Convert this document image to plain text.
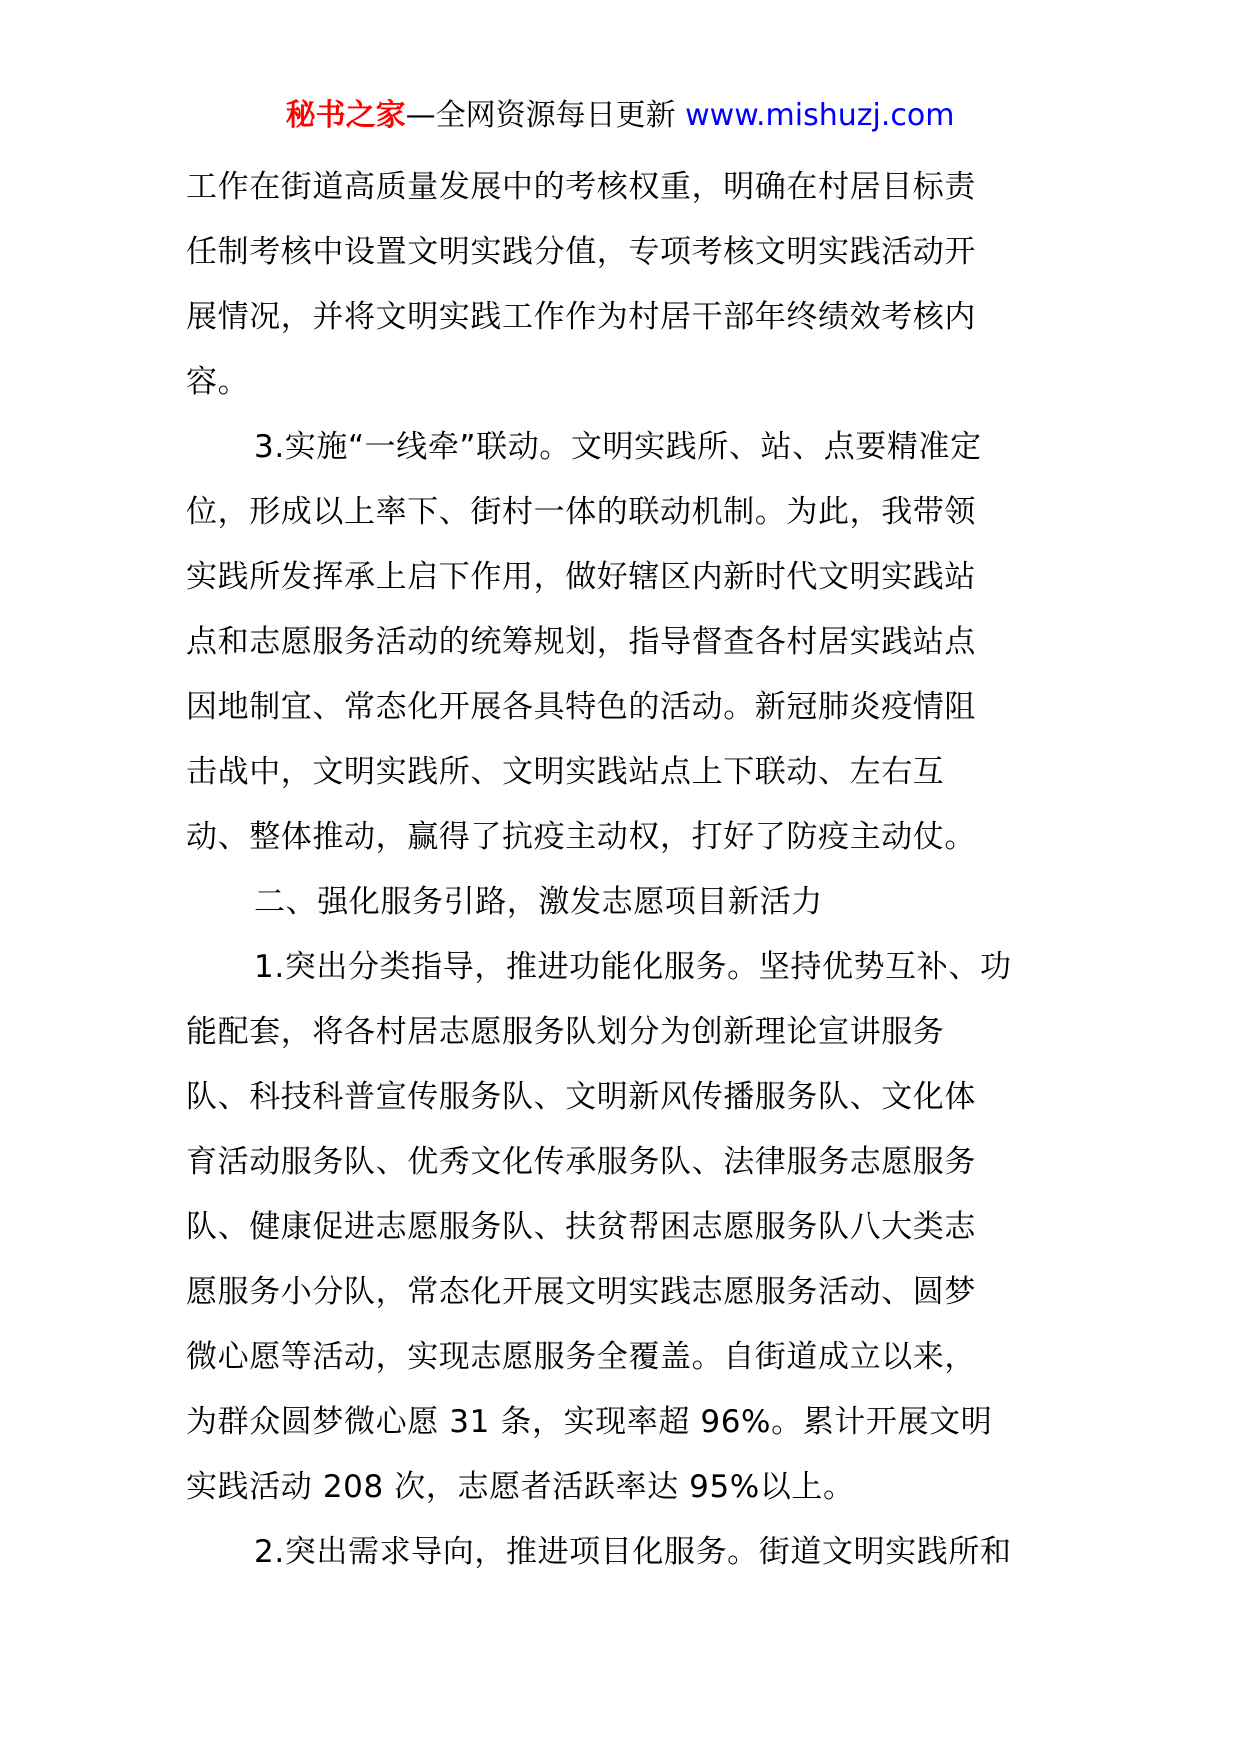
秘书之家—全网资源每日更新 www.mishuzj.com
工作在街道高质量发展中的考核权重，明确在村居目标责
任制考核中设置文明实践分值，专项考核文明实践活动开
展情况，并将文明实践工作作为村居干部年终绩效考核内
容。
3.实施“一线牵”联动。文明实践所、站、点要精准定
位，形成以上率下、街村一体的联动机制。为此，我带领
实践所发挥承上启下作用，做好辖区内新时代文明实践站
点和志愿服务活动的统筹规划，指导督查各村居实践站点
因地制宜、常态化开展各具特色的活动。新冠肺炎疫情阻
击战中，文明实践所、文明实践站点上下联动、左右互
动、整体推动，赢得了抗疫主动权，打好了防疫主动仗。
二、强化服务引路，激发志愿项目新活力
1.突出分类指导，推进功能化服务。坚持优势互补、功
能配套，将各村居志愿服务队划分为创新理论宣讲服务
队、科技科普宣传服务队、文明新风传播服务队、文化体
育活动服务队、优秀文化传承服务队、法律服务志愿服务
队、健康促进志愿服务队、扶贫帮困志愿服务队八大类志
愿服务小分队，常态化开展文明实践志愿服务活动、圆梦
微心愿等活动，实现志愿服务全覆盖。自街道成立以来，
为群众圆梦微心愿 31 条，实现率超 96%。累计开展文明
实践活动 208 次，志愿者活跃率达 95%以上。
2.突出需求导向，推进项目化服务。街道文明实践所和
